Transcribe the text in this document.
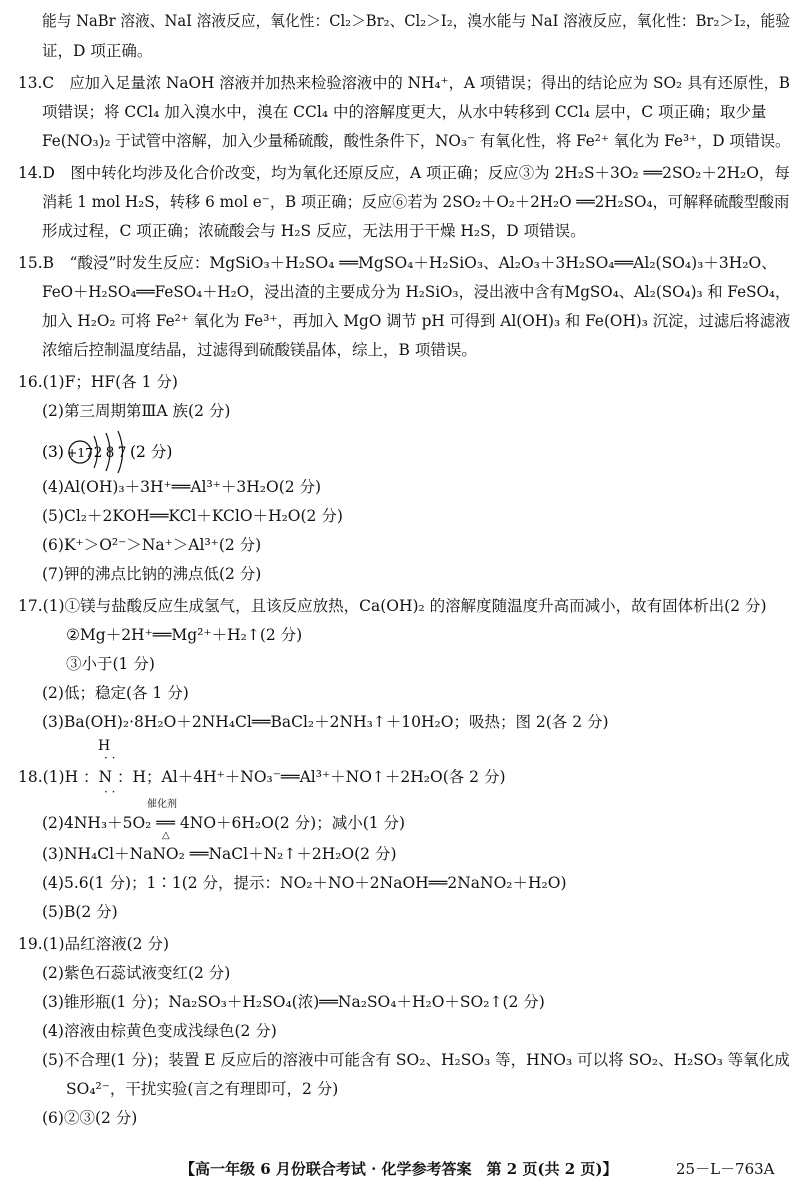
能与 NaBr 溶液、NaI 溶液反应，氧化性：Cl₂＞Br₂、Cl₂＞I₂，溴水能与 NaI 溶液反应，氧化性：Br₂＞I₂，能验
证，D 项正确。
13.C　应加入足量浓 NaOH 溶液并加热来检验溶液中的 NH₄⁺，A 项错误；得出的结论应为 SO₂ 具有还原性，B
项错误；将 CCl₄ 加入溴水中，溴在 CCl₄ 中的溶解度更大，从水中转移到 CCl₄ 层中，C 项正确；取少量
Fe(NO₃)₂ 于试管中溶解，加入少量稀硫酸，酸性条件下，NO₃⁻ 有氧化性，将 Fe²⁺ 氧化为 Fe³⁺，D 项错误。
14.D　图中转化均涉及化合价改变，均为氧化还原反应，A 项正确；反应③为 2H₂S＋3O₂ ══2SO₂＋2H₂O，每
消耗 1 mol H₂S，转移 6 mol e⁻，B 项正确；反应⑥若为 2SO₂＋O₂＋2H₂O ══2H₂SO₄，可解释硫酸型酸雨
形成过程，C 项正确；浓硫酸会与 H₂S 反应，无法用于干燥 H₂S，D 项错误。
15.B　“酸浸”时发生反应：MgSiO₃＋H₂SO₄ ══MgSO₄＋H₂SiO₃、Al₂O₃＋3H₂SO₄══Al₂(SO₄)₃＋3H₂O、
FeO＋H₂SO₄══FeSO₄＋H₂O，浸出渣的主要成分为 H₂SiO₃，浸出液中含有MgSO₄、Al₂(SO₄)₃ 和 FeSO₄，
加入 H₂O₂ 可将 Fe²⁺ 氧化为 Fe³⁺，再加入 MgO 调节 pH 可得到 Al(OH)₃ 和 Fe(OH)₃ 沉淀，过滤后将滤液
浓缩后控制温度结晶，过滤得到硫酸镁晶体，综上，B 项错误。
16.(1)F；HF(各 1 分)
(2)第三周期第ⅢA 族(2 分)
(3) +17 2 8 7 (2 分)
(4)Al(OH)₃＋3H⁺══Al³⁺＋3H₂O(2 分)
(5)Cl₂＋2KOH══KCl＋KClO＋H₂O(2 分)
(6)K⁺＞O²⁻＞Na⁺＞Al³⁺(2 分)
(7)钾的沸点比钠的沸点低(2 分)
17.(1)①镁与盐酸反应生成氢气，且该反应放热，Ca(OH)₂ 的溶解度随温度升高而减小，故有固体析出(2 分)
②Mg＋2H⁺══Mg²⁺＋H₂↑(2 分)
③小于(1 分)
(2)低；稳定(各 1 分)
(3)Ba(OH)₂·8H₂O＋2NH₄Cl══BaCl₂＋2NH₃↑＋10H₂O；吸热；图 2(各 2 分)
H
· ·
18.(1)H ：N ：H；Al＋4H⁺＋NO₃⁻══Al³⁺＋NO↑＋2H₂O(各 2 分)
· ·
(2)4NH₃＋5O₂ ══ 4NO＋6H₂O(2 分)；减小(1 分)
催化剂
△
(3)NH₄Cl＋NaNO₂ ══NaCl＋N₂↑＋2H₂O(2 分)
(4)5.6(1 分)；1∶1(2 分，提示：NO₂＋NO＋2NaOH══2NaNO₂＋H₂O)
(5)B(2 分)
19.(1)品红溶液(2 分)
(2)紫色石蕊试液变红(2 分)
(3)锥形瓶(1 分)；Na₂SO₃＋H₂SO₄(浓)══Na₂SO₄＋H₂O＋SO₂↑(2 分)
(4)溶液由棕黄色变成浅绿色(2 分)
(5)不合理(1 分)；装置 E 反应后的溶液中可能含有 SO₂、H₂SO₃ 等，HNO₃ 可以将 SO₂、H₂SO₃ 等氧化成
SO₄²⁻，干扰实验(言之有理即可，2 分)
(6)②③(2 分)
【高一年级 6 月份联合考试 · 化学参考答案　第 2 页(共 2 页)】	25－L－763A
